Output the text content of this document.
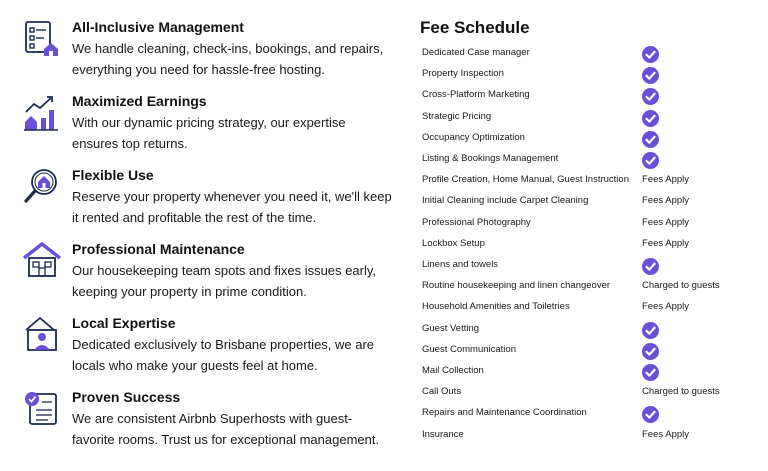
All-Inclusive Management
We handle cleaning, check-ins, bookings, and repairs, everything you need for hassle-free hosting.
Maximized Earnings
With our dynamic pricing strategy, our expertise ensures top returns.
Flexible Use
Reserve your property whenever you need it, we'll keep it rented and profitable the rest of the time.
Professional Maintenance
Our housekeeping team spots and fixes issues early, keeping your property in prime condition.
Local Expertise
Dedicated exclusively to Brisbane properties, we are locals who make your guests feel at home.
Proven Success
We are consistent Airbnb Superhosts with guest-favorite rooms. Trust us for exceptional management.
Fee Schedule
Dedicated Case manager
Property Inspection
Cross-Platform Marketing
Strategic Pricing
Occupancy Optimization
Listing & Bookings Management
Profile Creation, Home Manual, Guest Instruction Fees Apply
Initial Cleaning include Carpet Cleaning	Fees Apply
Professional Photography	Fees Apply
Lockbox Setup	Fees Apply
Linens and towels
Routine housekeeping and linen changeover	Charged to guests
Household Amenities and Toiletries	Fees Apply
Guest Vetting
Guest Communication
Mail Collection
Call Outs	Charged to guests
Repairs and Maintenance Coordination
Insurance	Fees Apply
